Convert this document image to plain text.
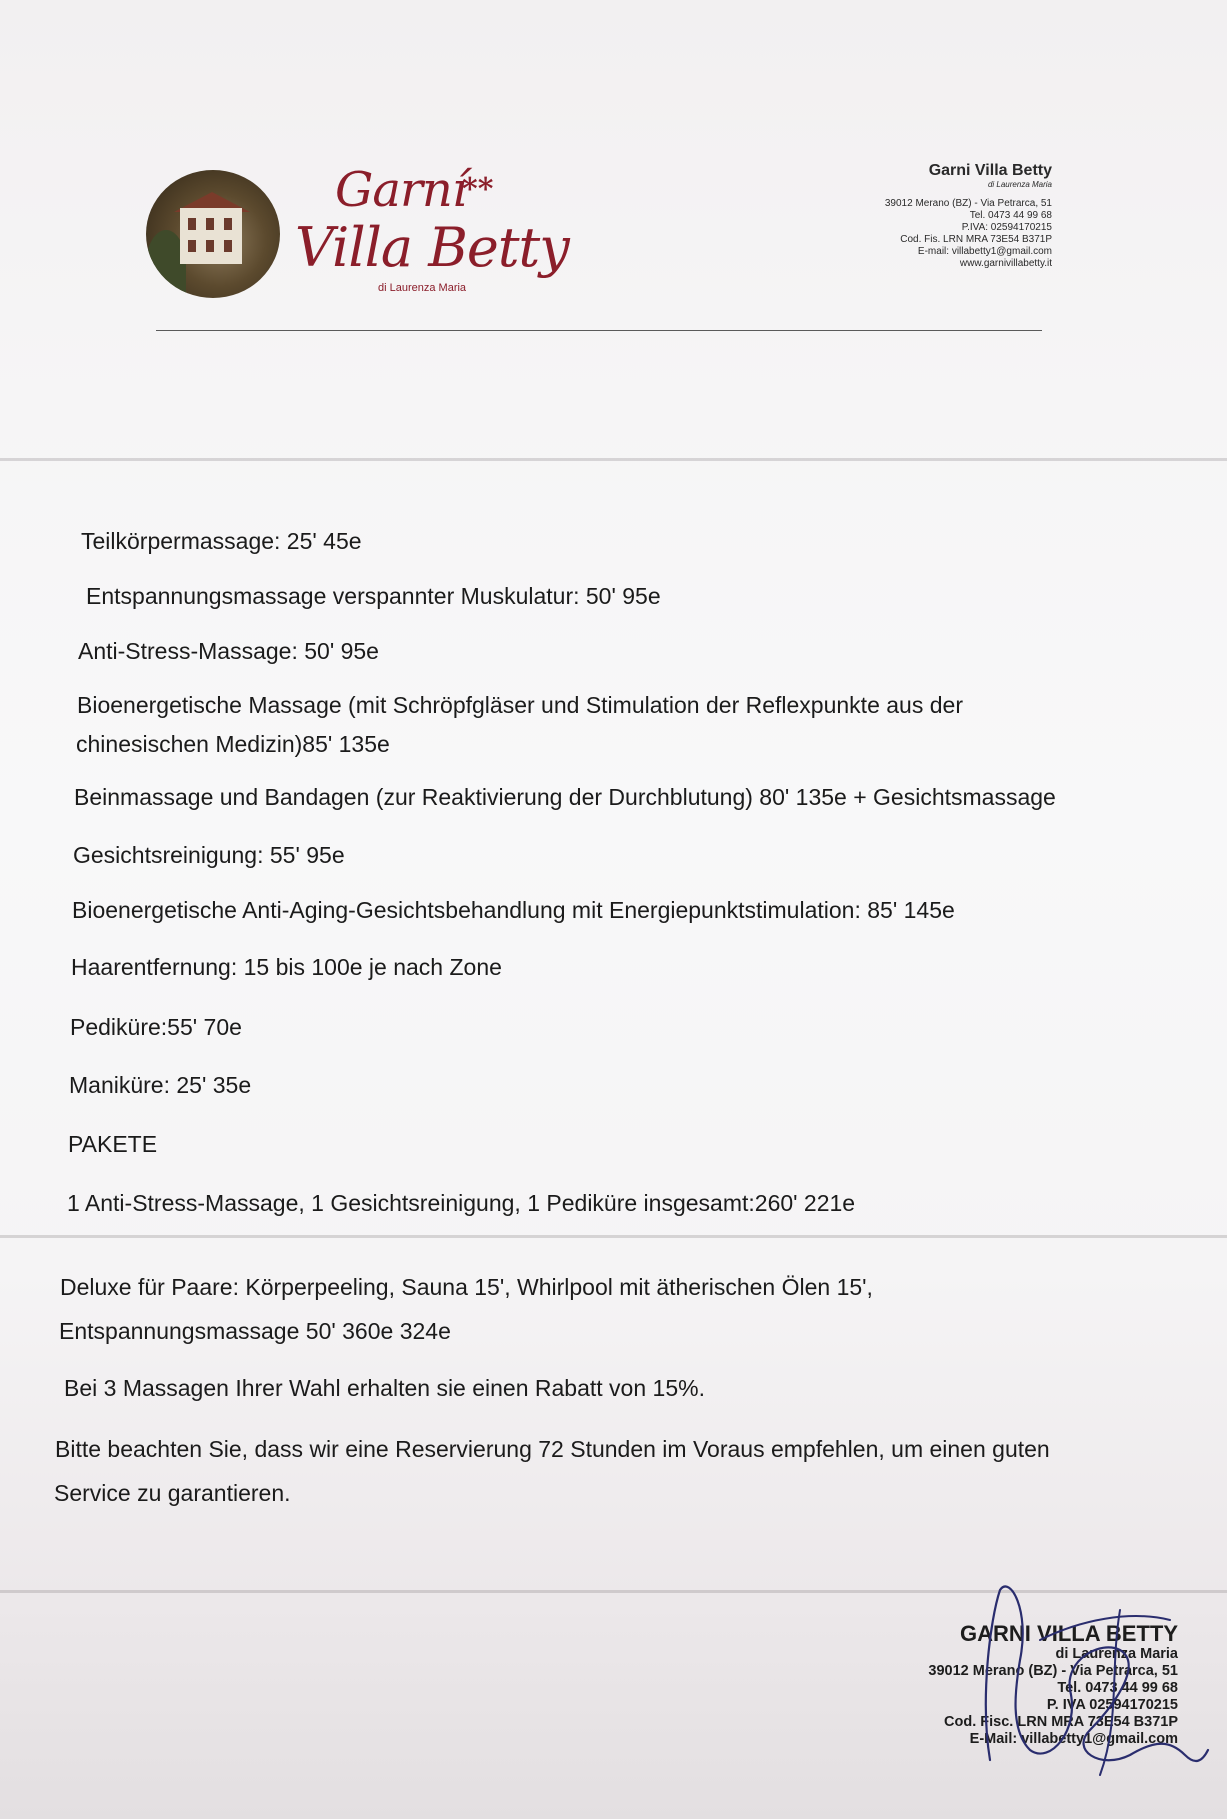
Garní
**
Villa Betty
di Laurenza Maria
Garni Villa Betty
di Laurenza Maria
39012 Merano (BZ) - Via Petrarca, 51
Tel. 0473 44 99 68
P.IVA: 02594170215
Cod. Fis. LRN MRA 73E54 B371P
E-mail: villabetty1@gmail.com
www.garnivillabetty.it
Teilkörpermassage: 25' 45e
Entspannungsmassage verspannter Muskulatur: 50' 95e
Anti-Stress-Massage: 50' 95e
Bioenergetische Massage (mit Schröpfgläser und Stimulation der Reflexpunkte aus der
chinesischen Medizin)85' 135e
Beinmassage und Bandagen (zur Reaktivierung der Durchblutung) 80' 135e + Gesichtsmassage
Gesichtsreinigung: 55' 95e
Bioenergetische Anti-Aging-Gesichtsbehandlung mit Energiepunktstimulation: 85' 145e
Haarentfernung: 15 bis 100e je nach Zone
Pediküre:55' 70e
Maniküre: 25' 35e
PAKETE
1 Anti-Stress-Massage, 1 Gesichtsreinigung, 1 Pediküre insgesamt:260' 221e
Deluxe für Paare: Körperpeeling, Sauna 15', Whirlpool mit ätherischen Ölen 15',
Entspannungsmassage 50' 360e 324e
Bei 3 Massagen Ihrer Wahl erhalten sie einen Rabatt von 15%.
Bitte beachten Sie, dass wir eine Reservierung 72 Stunden im Voraus empfehlen, um einen guten
Service zu garantieren.
GARNI VILLA BETTY
di Laurenza Maria
39012 Merano (BZ) - Via Petrarca, 51
Tel. 0473 44 99 68
P. IVA 02594170215
Cod. Fisc. LRN MRA 73E54 B371P
E-Mail: villabetty1@gmail.com
